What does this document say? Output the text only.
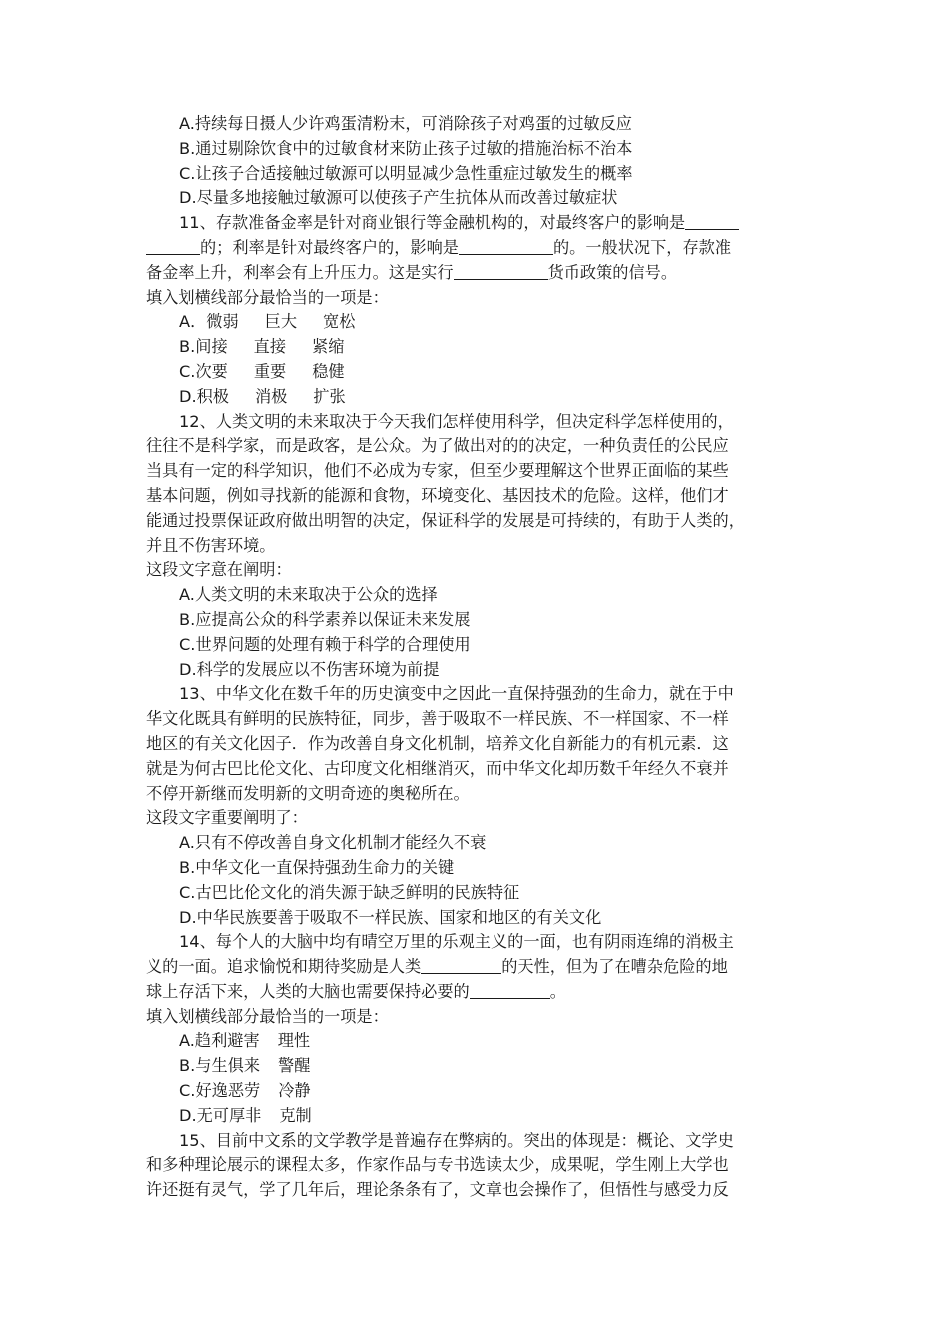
A.持续每日摄人少许鸡蛋清粉末，可消除孩子对鸡蛋的过敏反应
B.通过剔除饮食中的过敏食材来防止孩子过敏的措施治标不治本
C.让孩子合适接触过敏源可以明显减少急性重症过敏发生的概率
D.尽量多地接触过敏源可以使孩子产生抗体从而改善过敏症状
11、存款准备金率是针对商业银行等金融机构的，对最终客户的影响是
的；利率是针对最终客户的，影响是	的。一般状况下，存款准
备金率上升，利率会有上升压力。这是实行	货币政策的信号。
填入划横线部分最恰当的一项是：
A．微弱 巨大 宽松
B.间接 直接 紧缩
C.次要 重要 稳健
D.积极 消极 扩张
12、人类文明的未来取决于今天我们怎样使用科学，但决定科学怎样使用的，
往往不是科学家，而是政客，是公众。为了做出对的的决定，一种负责任的公民应
当具有一定的科学知识，他们不必成为专家，但至少要理解这个世界正面临的某些
基本问题，例如寻找新的能源和食物，环境变化、基因技术的危险。这样，他们才
能通过投票保证政府做出明智的决定，保证科学的发展是可持续的，有助于人类的，
并且不伤害环境。
这段文字意在阐明：
A.人类文明的未来取决于公众的选择
B.应提高公众的科学素养以保证未来发展
C.世界问题的处理有赖于科学的合理使用
D.科学的发展应以不伤害环境为前提
13、中华文化在数千年的历史演变中之因此一直保持强劲的生命力，就在于中
华文化既具有鲜明的民族特征，同步，善于吸取不一样民族、不一样国家、不一样
地区的有关文化因子．作为改善自身文化机制，培养文化自新能力的有机元素．这
就是为何古巴比伦文化、古印度文化相继消灭，而中华文化却历数千年经久不衰并
不停开新继而发明新的文明奇迹的奥秘所在。
这段文字重要阐明了：
A.只有不停改善自身文化机制才能经久不衰
B.中华文化一直保持强劲生命力的关键
C.古巴比伦文化的消失源于缺乏鲜明的民族特征
D.中华民族要善于吸取不一样民族、国家和地区的有关文化
14、每个人的大脑中均有晴空万里的乐观主义的一面，也有阴雨连绵的消极主
义的一面。追求愉悦和期待奖励是人类	的天性，但为了在嘈杂危险的地
球上存活下来，人类的大脑也需要保持必要的	。
填入划横线部分最恰当的一项是：
A.趋利避害 理性
B.与生俱来 警醒
C.好逸恶劳 冷静
D.无可厚非 克制
15、目前中文系的文学教学是普遍存在弊病的。突出的体现是：概论、文学史
和多种理论展示的课程太多，作家作品与专书选读太少，成果呢，学生刚上大学也
许还挺有灵气，学了几年后，理论条条有了，文章也会操作了，但悟性与感受力反
